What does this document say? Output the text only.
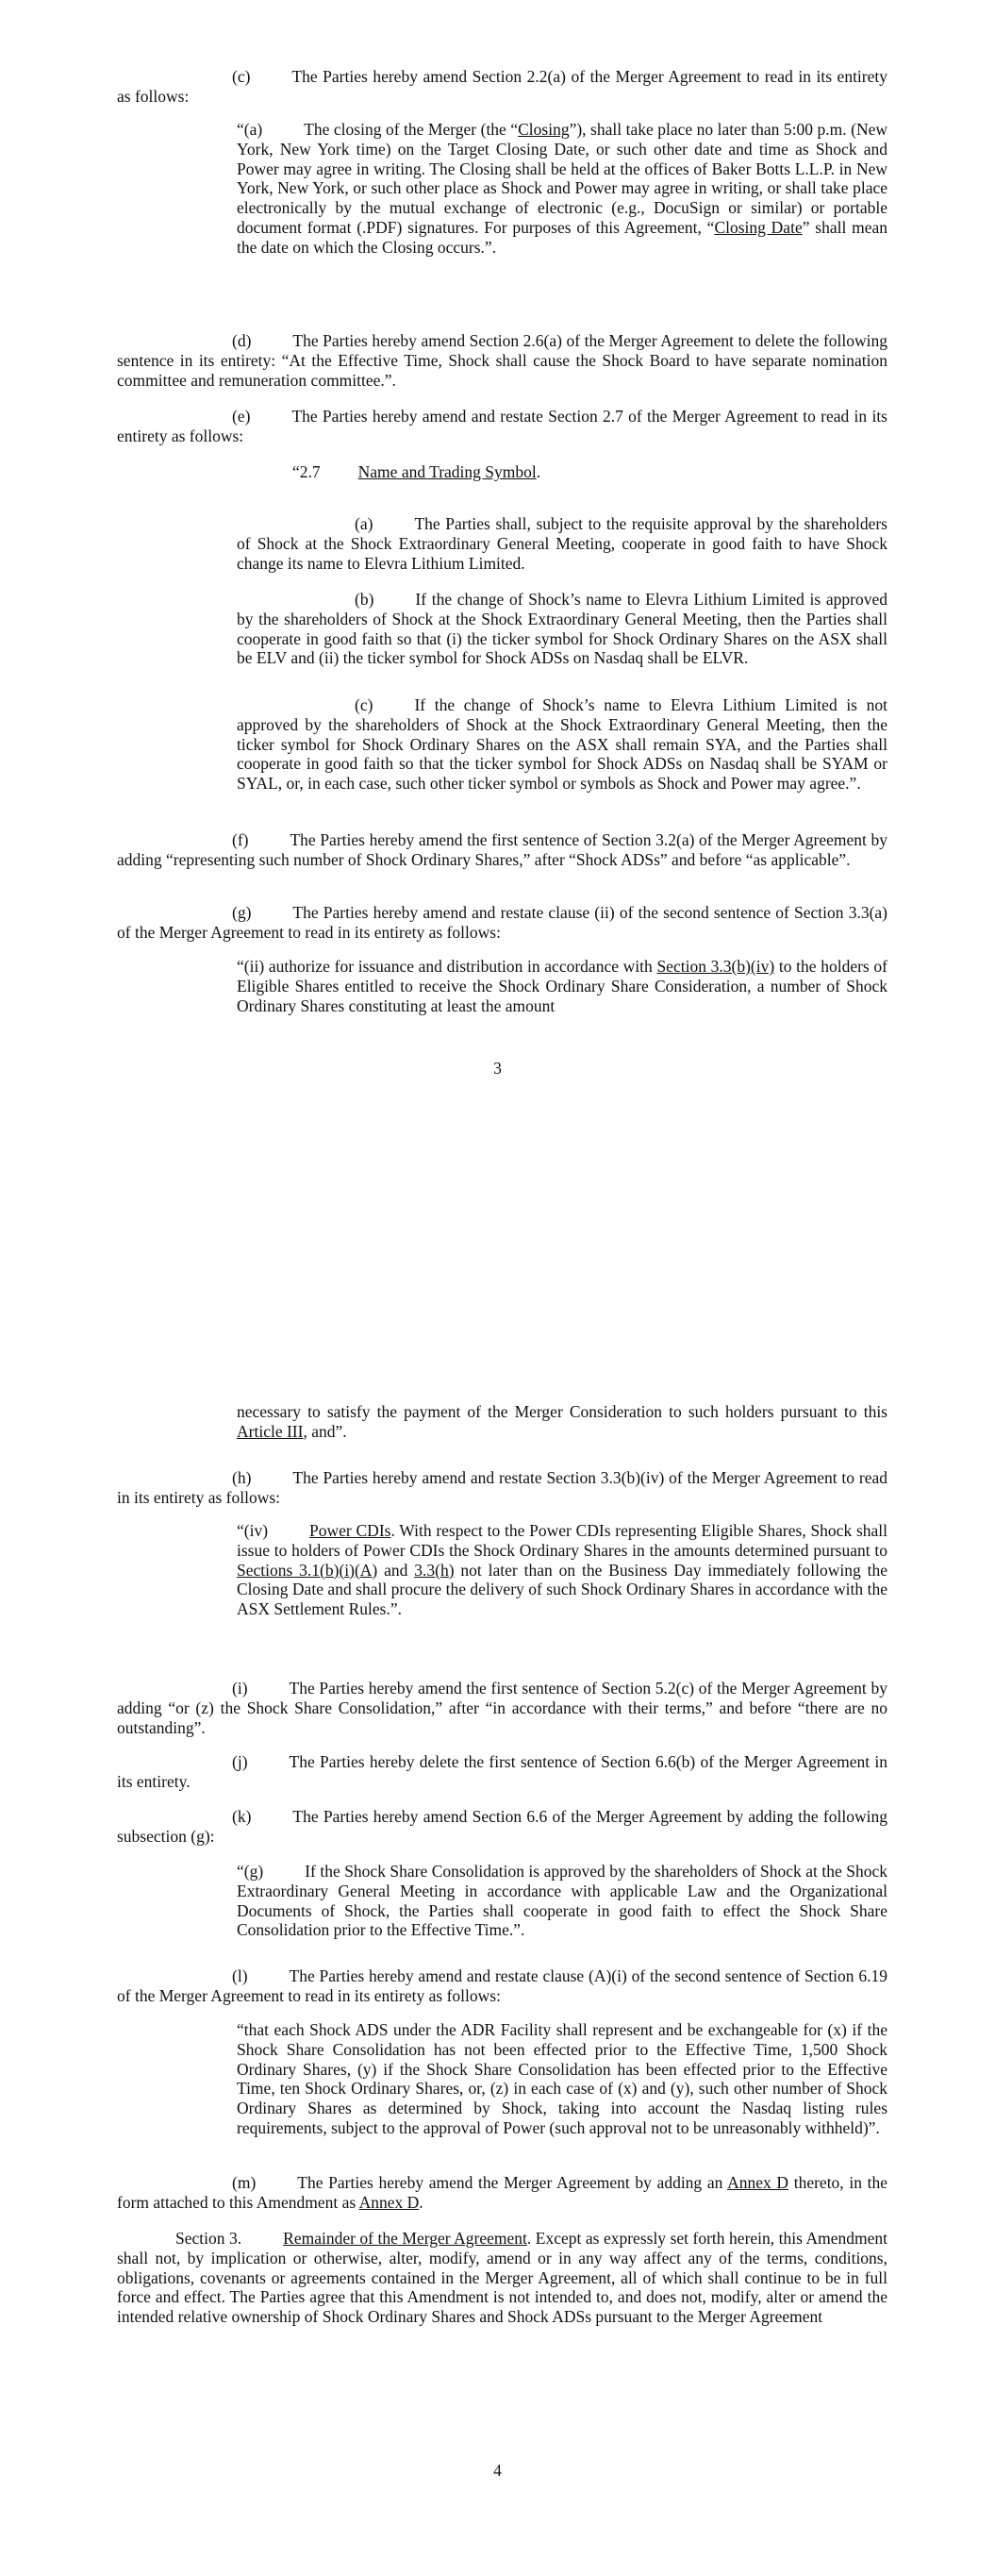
(c)	The Parties hereby amend Section 2.2(a) of the Merger Agreement to read in its entirety as follows:

“(a)	The closing of the Merger (the “Closing”), shall take place no later than 5:00 p.m. (New York, New York time) on the Target Closing Date, or such other date and time as Shock and Power may agree in writing. The Closing shall be held at the offices of Baker Botts L.L.P. in New York, New York, or such other place as Shock and Power may agree in writing, or shall take place electronically by the mutual exchange of electronic (e.g., DocuSign or similar) or portable document format (.PDF) signatures. For purposes of this Agreement, “Closing Date” shall mean the date on which the Closing occurs.”.

(d)	The Parties hereby amend Section 2.6(a) of the Merger Agreement to delete the following sentence in its entirety: “At the Effective Time, Shock shall cause the Shock Board to have separate nomination committee and remuneration committee.”.

(e)	The Parties hereby amend and restate Section 2.7 of the Merger Agreement to read in its entirety as follows:

“2.7 Name and Trading Symbol.

(a)	The Parties shall, subject to the requisite approval by the shareholders of Shock at the Shock Extraordinary General Meeting, cooperate in good faith to have Shock change its name to Elevra Lithium Limited.

(b)	If the change of Shock’s name to Elevra Lithium Limited is approved by the shareholders of Shock at the Shock Extraordinary General Meeting, then the Parties shall cooperate in good faith so that (i) the ticker symbol for Shock Ordinary Shares on the ASX shall be ELV and (ii) the ticker symbol for Shock ADSs on Nasdaq shall be ELVR.

(c)	If the change of Shock’s name to Elevra Lithium Limited is not approved by the shareholders of Shock at the Shock Extraordinary General Meeting, then the ticker symbol for Shock Ordinary Shares on the ASX shall remain SYA, and the Parties shall cooperate in good faith so that the ticker symbol for Shock ADSs on Nasdaq shall be SYAM or SYAL, or, in each case, such other ticker symbol or symbols as Shock and Power may agree.”.

(f)	The Parties hereby amend the first sentence of Section 3.2(a) of the Merger Agreement by adding “representing such number of Shock Ordinary Shares,” after “Shock ADSs” and before “as applicable”.

(g)	The Parties hereby amend and restate clause (ii) of the second sentence of Section 3.3(a) of the Merger Agreement to read in its entirety as follows:

“(ii) authorize for issuance and distribution in accordance with Section 3.3(b)(iv) to the holders of Eligible Shares entitled to receive the Shock Ordinary Share Consideration, a number of Shock Ordinary Shares constituting at least the amount

3

necessary to satisfy the payment of the Merger Consideration to such holders pursuant to this Article III, and”.

(h)	The Parties hereby amend and restate Section 3.3(b)(iv) of the Merger Agreement to read in its entirety as follows:

“(iv)	Power CDIs. With respect to the Power CDIs representing Eligible Shares, Shock shall issue to holders of Power CDIs the Shock Ordinary Shares in the amounts determined pursuant to Sections 3.1(b)(i)(A) and 3.3(h) not later than on the Business Day immediately following the Closing Date and shall procure the delivery of such Shock Ordinary Shares in accordance with the ASX Settlement Rules.”.

(i)	The Parties hereby amend the first sentence of Section 5.2(c) of the Merger Agreement by adding “or (z) the Shock Share Consolidation,” after “in accordance with their terms,” and before “there are no outstanding”.

(j)	The Parties hereby delete the first sentence of Section 6.6(b) of the Merger Agreement in its entirety.

(k)	The Parties hereby amend Section 6.6 of the Merger Agreement by adding the following subsection (g):

“(g)	If the Shock Share Consolidation is approved by the shareholders of Shock at the Shock Extraordinary General Meeting in accordance with applicable Law and the Organizational Documents of Shock, the Parties shall cooperate in good faith to effect the Shock Share Consolidation prior to the Effective Time.”.

(l)	The Parties hereby amend and restate clause (A)(i) of the second sentence of Section 6.19 of the Merger Agreement to read in its entirety as follows:

“that each Shock ADS under the ADR Facility shall represent and be exchangeable for (x) if the Shock Share Consolidation has not been effected prior to the Effective Time, 1,500 Shock Ordinary Shares, (y) if the Shock Share Consolidation has been effected prior to the Effective Time, ten Shock Ordinary Shares, or, (z) in each case of (x) and (y), such other number of Shock Ordinary Shares as determined by Shock, taking into account the Nasdaq listing rules requirements, subject to the approval of Power (such approval not to be unreasonably withheld)”.

(m)	The Parties hereby amend the Merger Agreement by adding an Annex D thereto, in the form attached to this Amendment as Annex D.

Section 3.	Remainder of the Merger Agreement. Except as expressly set forth herein, this Amendment shall not, by implication or otherwise, alter, modify, amend or in any way affect any of the terms, conditions, obligations, covenants or agreements contained in the Merger Agreement, all of which shall continue to be in full force and effect. The Parties agree that this Amendment is not intended to, and does not, modify, alter or amend the intended relative ownership of Shock Ordinary Shares and Shock ADSs pursuant to the Merger Agreement

4
